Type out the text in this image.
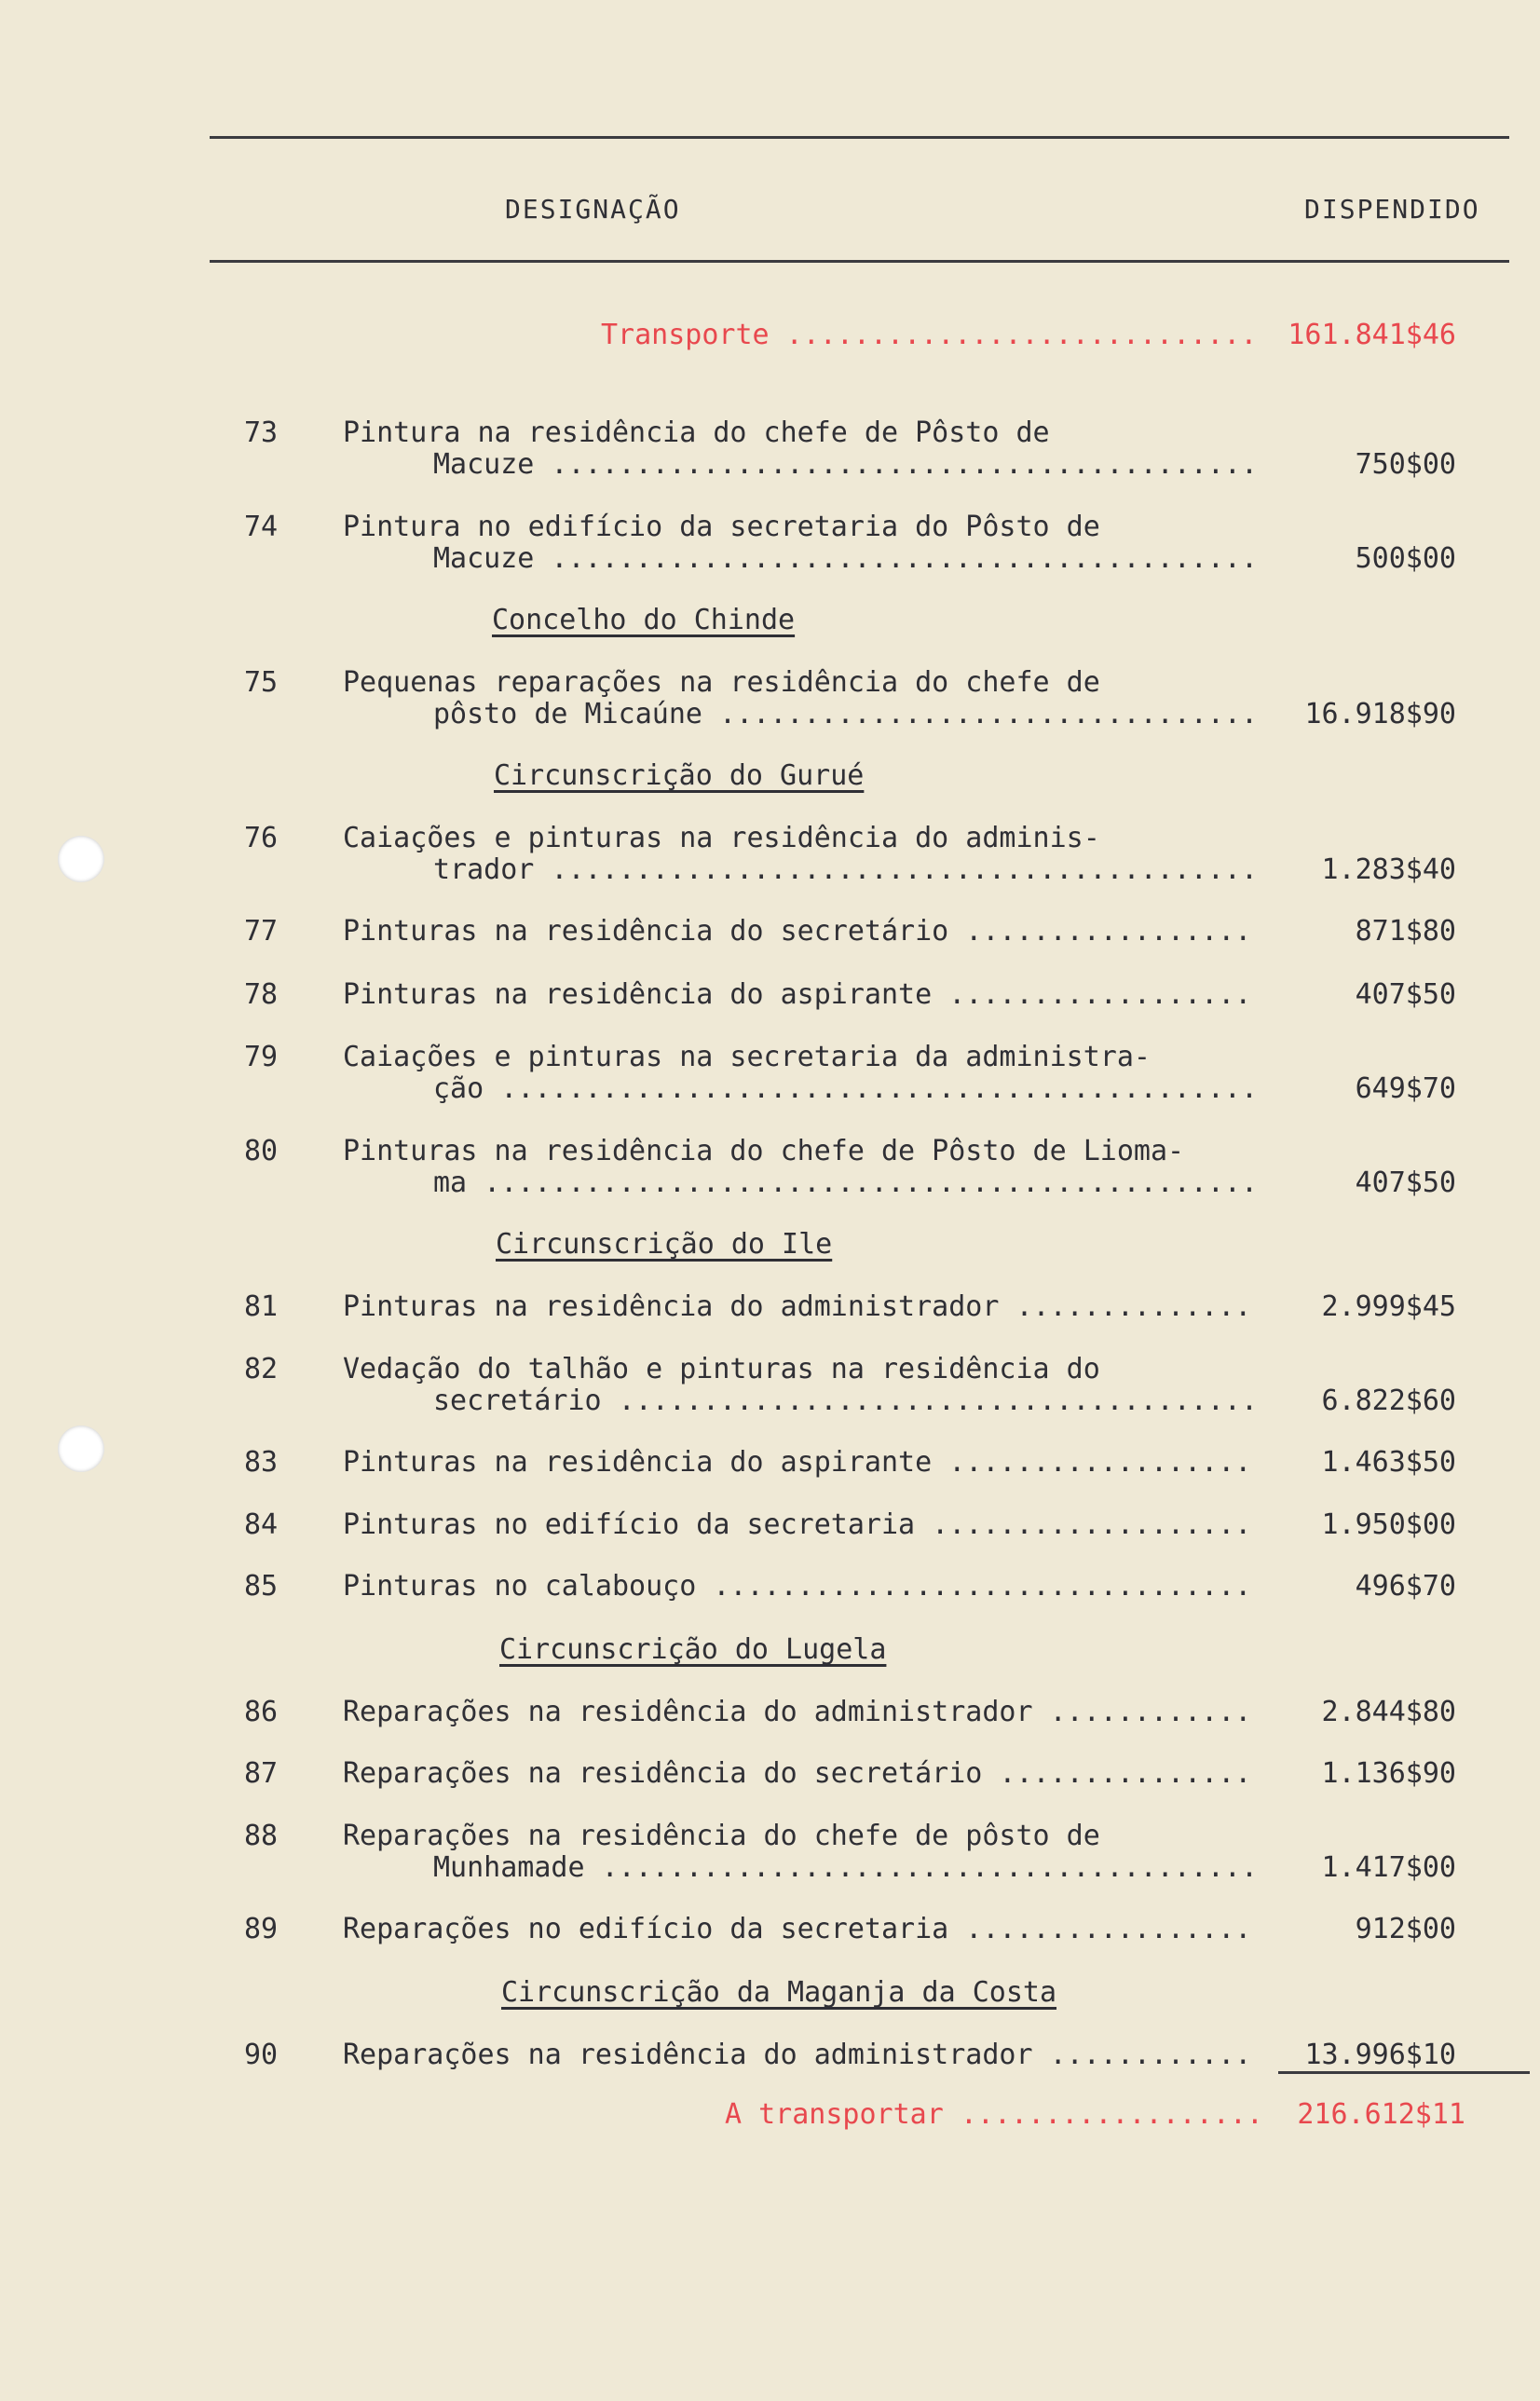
DESIGNAÇÃO	DISPENDIDO
Transporte .....	161.841$46
73	Pintura na residência do chefe de Pôsto de
Macuze .....	750$00
74	Pintura no edifício da secretaria do Pôsto de
Macuze .....	500$00
Concelho do Chinde
75	Pequenas reparações na residência do chefe de
pôsto de Micaúne .....	16.918$90
Circunscrição do Gurué
76	Caiações e pinturas na residência do adminis-
trador .....	1.283$40
77	Pinturas na residência do secretário .....	871$80
78	Pinturas na residência do aspirante .....	407$50
79	Caiações e pinturas na secretaria da administra-
ção .....	649$70
80	Pinturas na residência do chefe de Pôsto de Lioma-
ma .....	407$50
Circunscrição do Ile
81	Pinturas na residência do administrador .....	2.999$45
82	Vedação do talhão e pinturas na residência do
secretário .....	6.822$60
83	Pinturas na residência do aspirante .....	1.463$50
84	Pinturas no edifício da secretaria .....	1.950$00
85	Pinturas no calabouço .....	496$70
Circunscrição do Lugela
86	Reparações na residência do administrador .....	2.844$80
87	Reparações na residência do secretário .....	1.136$90
88	Reparações na residência do chefe de pôsto de
Munhamade .....	1.417$00
89	Reparações no edifício da secretaria .....	912$00
Circunscrição da Maganja da Costa
90	Reparações na residência do administrador .....	13.996$10
A transportar .....	216.612$11
